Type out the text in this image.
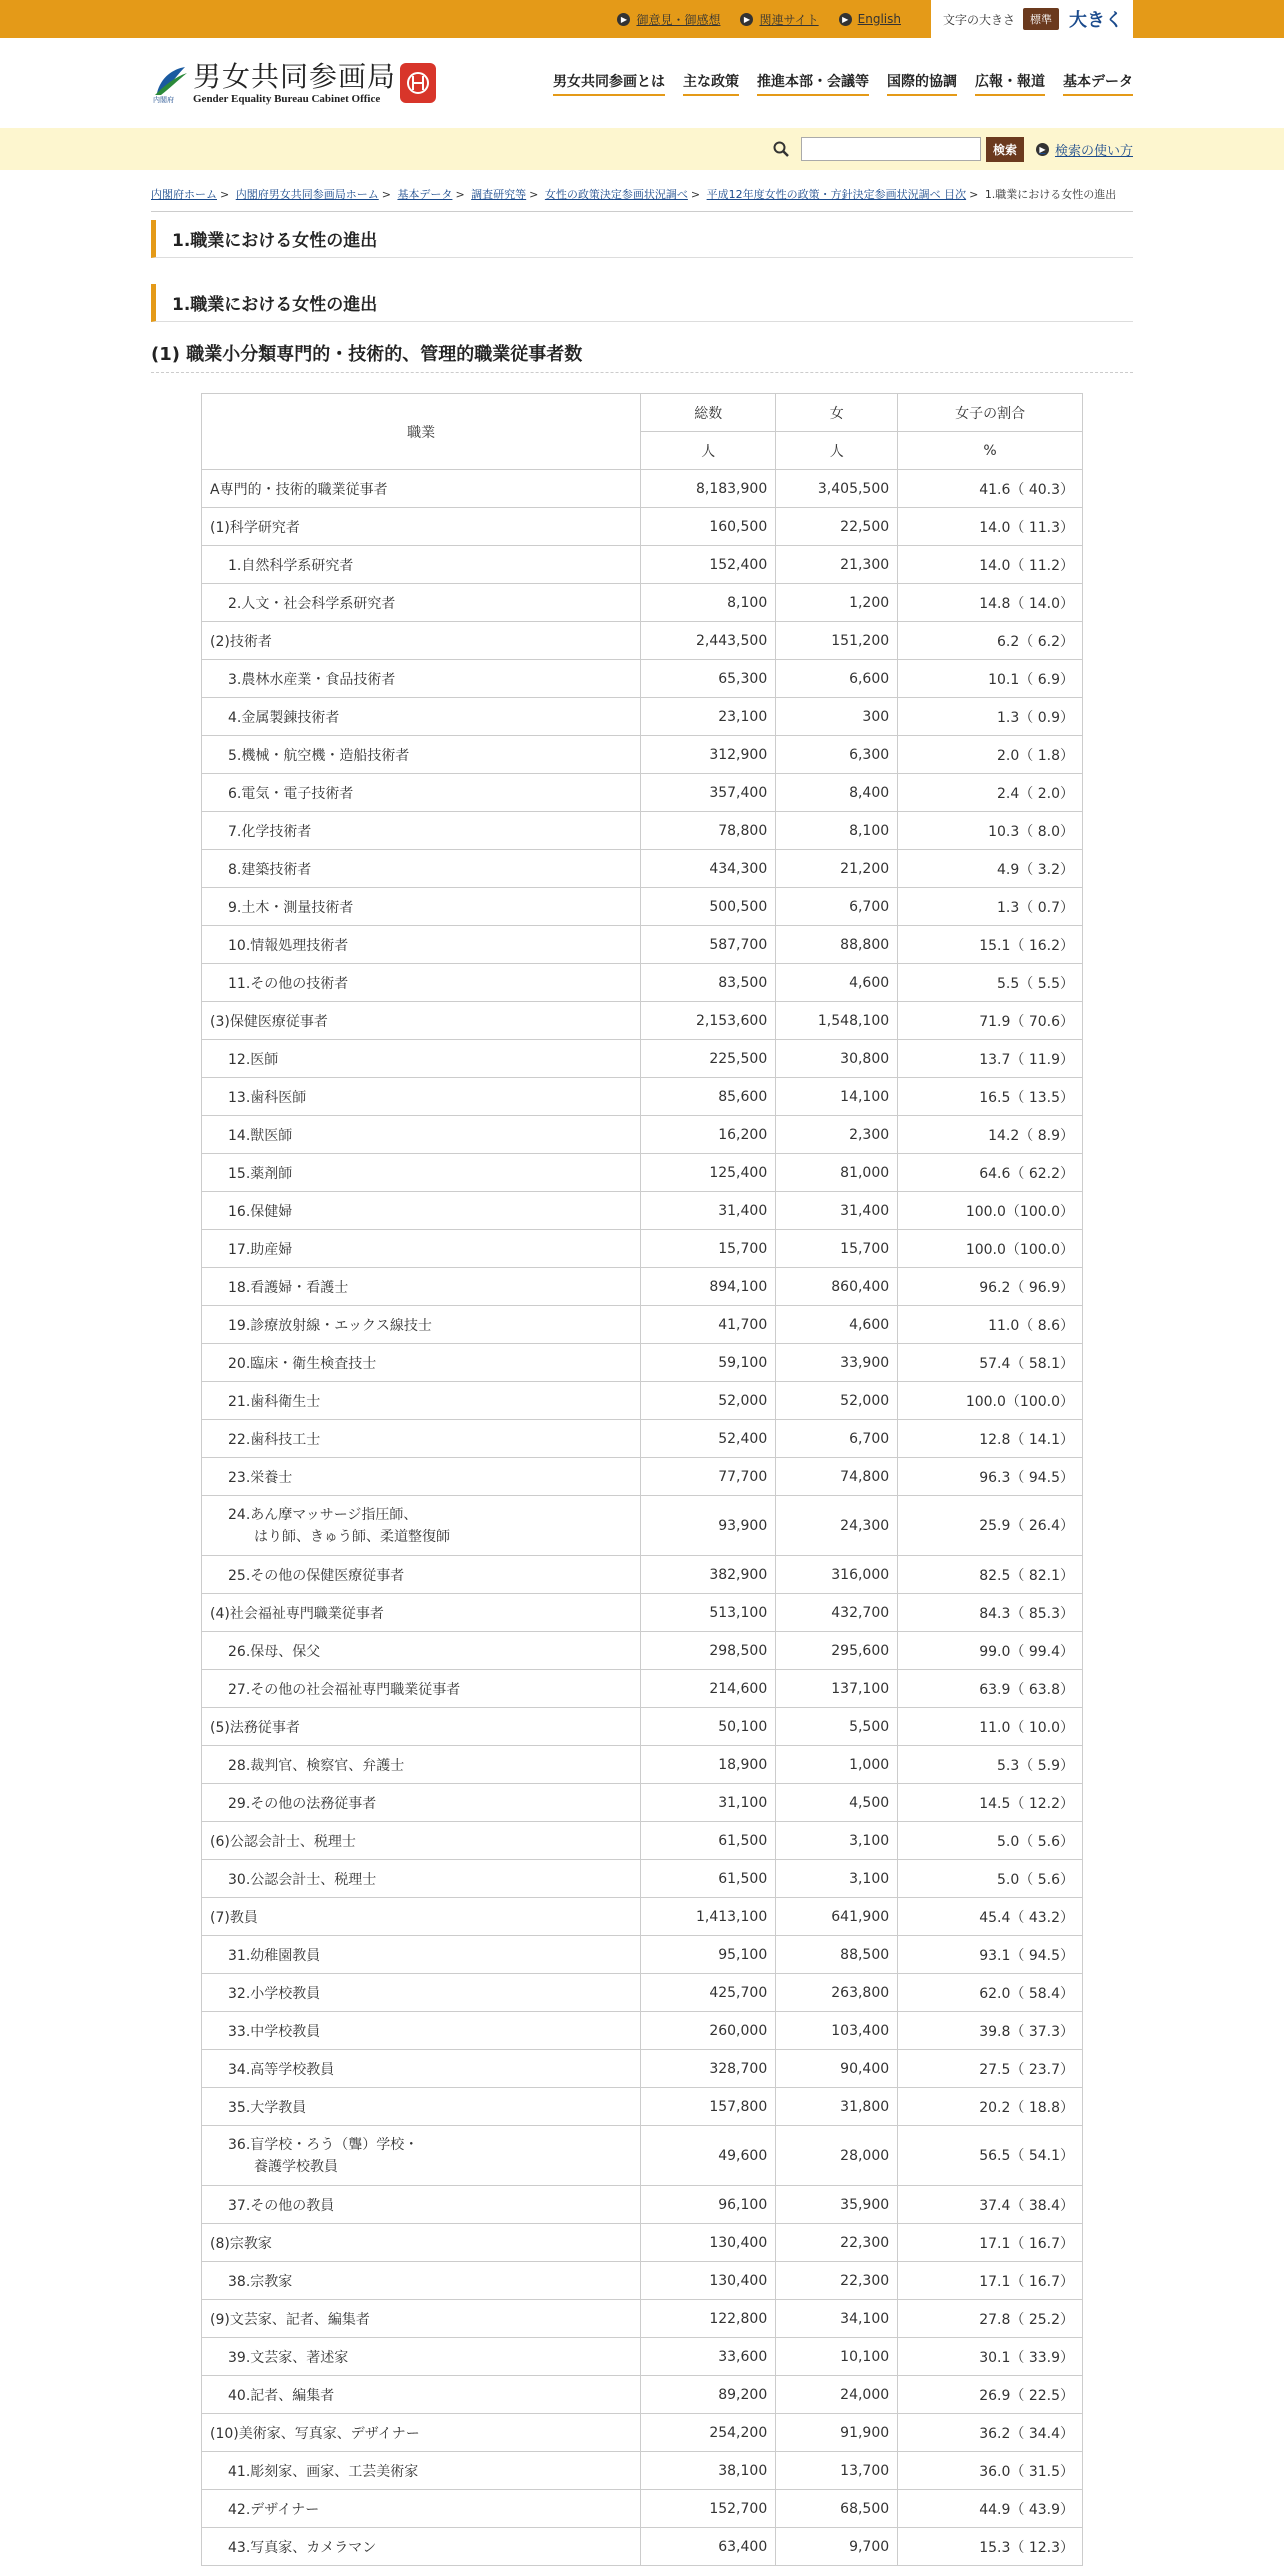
▶ 御意見・御感想	▶ 関連サイト	▶ English	文字の大きさ	標準 大きく
内閣府
男女共同参画局
Gender Equality Bureau Cabinet Office
男女共同参画とは 主な政策 推進本部・会議等 国際的協調 広報・報道 基本データ
検索	▶ 検索の使い方
内閣府ホーム > 内閣府男女共同参画局ホーム > 基本データ > 調査研究等 > 女性の政策決定参画状況調べ > 平成12年度女性の政策・方針決定参画状況調べ 目次 > 1.職業における女性の進出
1.職業における女性の進出
1.職業における女性の進出
(1) 職業小分類専門的・技術的、管理的職業従事者数
職業	総数	女	女子の割合
	人	人	%
A専門的・技術的職業従事者	8,183,900	3,405,500	41.6（ 40.3）
(1)科学研究者	160,500	22,500	14.0（ 11.3）
1.自然科学系研究者	152,400	21,300	14.0（ 11.2）
2.人文・社会科学系研究者	8,100	1,200	14.8（ 14.0）
(2)技術者	2,443,500	151,200	6.2（ 6.2）
3.農林水産業・食品技術者	65,300	6,600	10.1（ 6.9）
4.金属製錬技術者	23,100	300	1.3（ 0.9）
5.機械・航空機・造船技術者	312,900	6,300	2.0（ 1.8）
6.電気・電子技術者	357,400	8,400	2.4（ 2.0）
7.化学技術者	78,800	8,100	10.3（ 8.0）
8.建築技術者	434,300	21,200	4.9（ 3.2）
9.土木・測量技術者	500,500	6,700	1.3（ 0.7）
10.情報処理技術者	587,700	88,800	15.1（ 16.2）
11.その他の技術者	83,500	4,600	5.5（ 5.5）
(3)保健医療従事者	2,153,600	1,548,100	71.9（ 70.6）
12.医師	225,500	30,800	13.7（ 11.9）
13.歯科医師	85,600	14,100	16.5（ 13.5）
14.獣医師	16,200	2,300	14.2（ 8.9）
15.薬剤師	125,400	81,000	64.6（ 62.2）
16.保健婦	31,400	31,400	100.0（100.0）
17.助産婦	15,700	15,700	100.0（100.0）
18.看護婦・看護士	894,100	860,400	96.2（ 96.9）
19.診療放射線・エックス線技士	41,700	4,600	11.0（ 8.6）
20.臨床・衛生検査技士	59,100	33,900	57.4（ 58.1）
21.歯科衛生士	52,000	52,000	100.0（100.0）
22.歯科技工士	52,400	6,700	12.8（ 14.1）
23.栄養士	77,700	74,800	96.3（ 94.5）
24.あん摩マッサージ指圧師、
はり師、きゅう師、柔道整復師	93,900	24,300	25.9（ 26.4）
25.その他の保健医療従事者	382,900	316,000	82.5（ 82.1）
(4)社会福祉専門職業従事者	513,100	432,700	84.3（ 85.3）
26.保母、保父	298,500	295,600	99.0（ 99.4）
27.その他の社会福祉専門職業従事者	214,600	137,100	63.9（ 63.8）
(5)法務従事者	50,100	5,500	11.0（ 10.0）
28.裁判官、検察官、弁護士	18,900	1,000	5.3（ 5.9）
29.その他の法務従事者	31,100	4,500	14.5（ 12.2）
(6)公認会計士、税理士	61,500	3,100	5.0（ 5.6）
30.公認会計士、税理士	61,500	3,100	5.0（ 5.6）
(7)教員	1,413,100	641,900	45.4（ 43.2）
31.幼稚園教員	95,100	88,500	93.1（ 94.5）
32.小学校教員	425,700	263,800	62.0（ 58.4）
33.中学校教員	260,000	103,400	39.8（ 37.3）
34.高等学校教員	328,700	90,400	27.5（ 23.7）
35.大学教員	157,800	31,800	20.2（ 18.8）
36.盲学校・ろう（聾）学校・
養護学校教員	49,600	28,000	56.5（ 54.1）
37.その他の教員	96,100	35,900	37.4（ 38.4）
(8)宗教家	130,400	22,300	17.1（ 16.7）
38.宗教家	130,400	22,300	17.1（ 16.7）
(9)文芸家、記者、編集者	122,800	34,100	27.8（ 25.2）
39.文芸家、著述家	33,600	10,100	30.1（ 33.9）
40.記者、編集者	89,200	24,000	26.9（ 22.5）
(10)美術家、写真家、デザイナー	254,200	91,900	36.2（ 34.4）
41.彫刻家、画家、工芸美術家	38,100	13,700	36.0（ 31.5）
42.デザイナー	152,700	68,500	44.9（ 43.9）
43.写真家、カメラマン	63,400	9,700	15.3（ 12.3）
